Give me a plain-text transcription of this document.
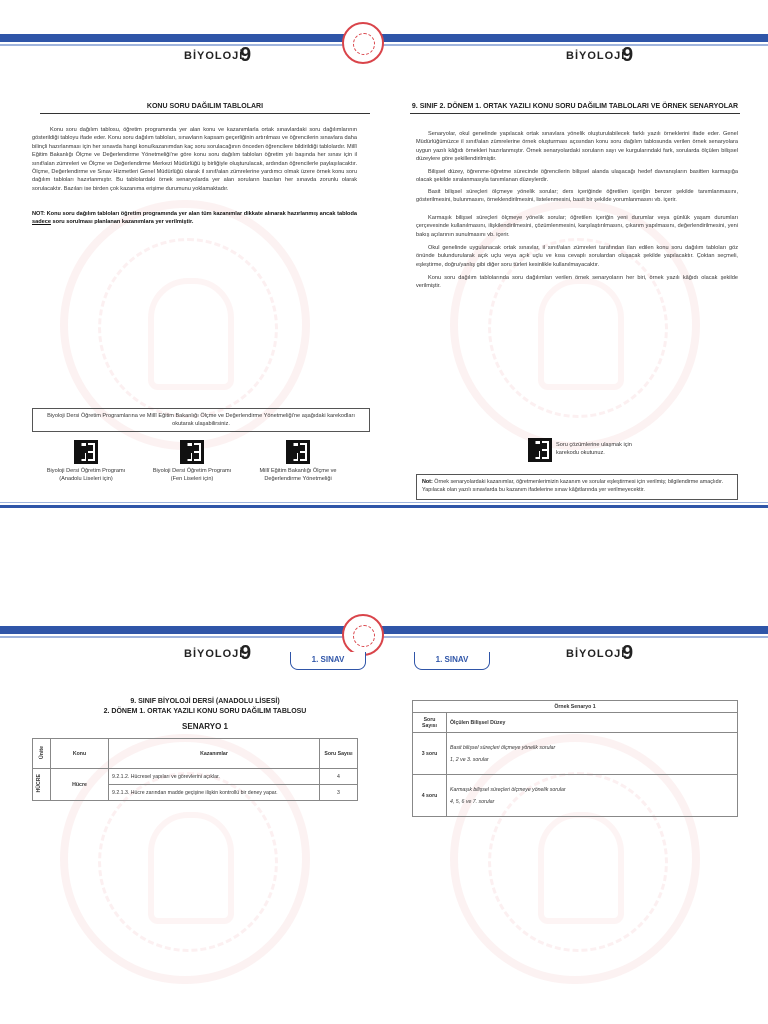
BİYOLOJİ
9	BİYOLOJİ
9
KONU SORU DAĞILIM TABLOLARI

Konu soru dağılım tablosu, öğretim programında yer alan konu ve kazanımlarla ortak sınavlardaki soru dağılımlarının gösterildiği tabloyu ifade eder. Konu soru dağılım tabloları, sınavların kapsam geçerliğinin artırılması ve öğrencilerin sınavlara daha bilinçli hazırlanması için her sınavda hangi konu/kazanımdan kaç soru sorulacağının önceden öğrencilere bildirildiği tablolardır. Millî Eğitim Bakanlığı Ölçme ve Değerlendirme Yönetmeliği'ne göre konu soru dağılım tabloları öğretim yılı başında her sınav için il sınıf/alan zümreleri ve Ölçme ve Değerlendirme Merkezi Müdürlüğü iş birliğiyle oluşturulacak, ardından öğrencilerle paylaşılacaktır. Ölçme, Değerlendirme ve Sınav Hizmetleri Genel Müdürlüğü olarak il sınıf/alan zümrelerine yardımcı olmak üzere örnek konu soru dağılım tabloları hazırlanmıştır. Bu tablolardaki örnek senaryolarda yer alan soruların bazıları her sınavda zorunlu olarak sorulacaktır. Bazıları ise birden çok kazanıma erişime durumunu yoklamaktadır.

NOT: Konu soru dağılım tabloları öğretim programında yer alan tüm kazanımlar dikkate alınarak hazırlanmış ancak tabloda sadece soru sorulması planlanan kazanımlara yer verilmiştir.

Biyoloji Dersi Öğretim Programlarına ve Millî Eğitim Bakanlığı Ölçme ve Değerlendirme Yönetmeliği'ne aşağıdaki karekodları okutarak ulaşabilirsiniz.
Biyoloji Dersi Öğretim Programı (Anadolu Liseleri için)
Biyoloji Dersi Öğretim Programı (Fen Liseleri için)
Millî Eğitim Bakanlığı Ölçme ve Değerlendirme Yönetmeliği
9. SINIF 2. DÖNEM 1. ORTAK YAZILI KONU SORU DAĞILIM TABLOLARI VE ÖRNEK SENARYOLAR

Senaryolar, okul genelinde yapılacak ortak sınavlara yönelik oluşturulabilecek farklı yazılı örneklerini ifade eder. Genel Müdürlüğümüzce il sınıf/alan zümrelerine örnek oluşturması açısından konu soru dağılım tablosunda verilen örnek senaryolara uygun yazılı kâğıdı örnekleri hazırlanmıştır. Örnek senaryolardaki soruların sayı ve kurgularındaki fark, sorularda ölçülen bilişsel düzeylere göre şekillendirilmiştir.

Bilişsel düzey, öğrenme-öğretme sürecinde öğrencilerin bilişsel alanda ulaşacağı hedef davranışların basitten karmaşığa olacak şekilde sıralanmasıyla tanımlanan düzeylerdir.

Basit bilişsel süreçleri ölçmeye yönelik sorular; ders içeriğinde öğretilen içeriğin benzer şekilde tanımlanmasını, gösterilmesini, bulunmasını, örneklendirilmesini, listelenmesini, basit bir şekilde yorumlanmasını vb. içerir.

Karmaşık bilişsel süreçleri ölçmeye yönelik sorular; öğretilen içeriğin yeni durumlar veya günlük yaşam durumları çerçevesinde kullanılmasını, ilişkilendirilmesini, çözümlenmesini, karşılaştırılmasını, çıkarım yapılmasını, değerlendirilmesini, yeni bakış açılarının sunulmasını vb. içerir.

Okul genelinde uygulanacak ortak sınavlar, il sınıf/alan zümreleri tarafından ilan edilen konu soru dağılım tabloları göz önünde bulundurularak açık uçlu veya açık uçlu ve kısa cevaplı sorulardan oluşacak şekilde yapılacaktır. Çoktan seçmeli, eşleştirme, doğru/yanlış gibi diğer soru türleri kesinlikle kullanılmayacaktır.

Konu soru dağılım tablolarında soru dağılımları verilen örnek senaryoların her biri, örnek yazılı kâğıdı olacak şekilde verilmiştir.

Soru çözümlerine ulaşmak için karekodu okutunuz.
Not: Örnek senaryolardaki kazanımlar, öğretmenlerimizin kazanım ve sorular eşleştirmesi için verilmiş; bilgilendirme amaçlıdır. Yapılacak olan yazılı sınavlarda bu kazanım ifadelerine sınav kâğıtlarında yer verilmeyecektir.
BİYOLOJİ
9	1. SINAV	1. SINAV	BİYOLOJİ
9
9. SINIF BİYOLOJİ DERSİ (ANADOLU LİSESİ)
2. DÖNEM 1. ORTAK YAZILI KONU SORU DAĞILIM TABLOSU
SENARYO 1
Ünite	Konu	Kazanımlar	Soru Sayısı
HÜCRE	Hücre	9.2.1.2. Hücresel yapıları ve görevlerini açıklar.	4
		9.2.1.3. Hücre zarından madde geçişine ilişkin kontrollü bir deney yapar.	3
Örnek Senaryo 1	
Soru Sayısı	Ölçülen Bilişsel Düzey
3 soru	Basit bilişsel süreçleri ölçmeye yönelik sorular
1, 2 ve 3. sorular

4 soru	Karmaşık bilişsel süreçleri ölçmeye yönelik sorular
4, 5, 6 ve 7. sorular
